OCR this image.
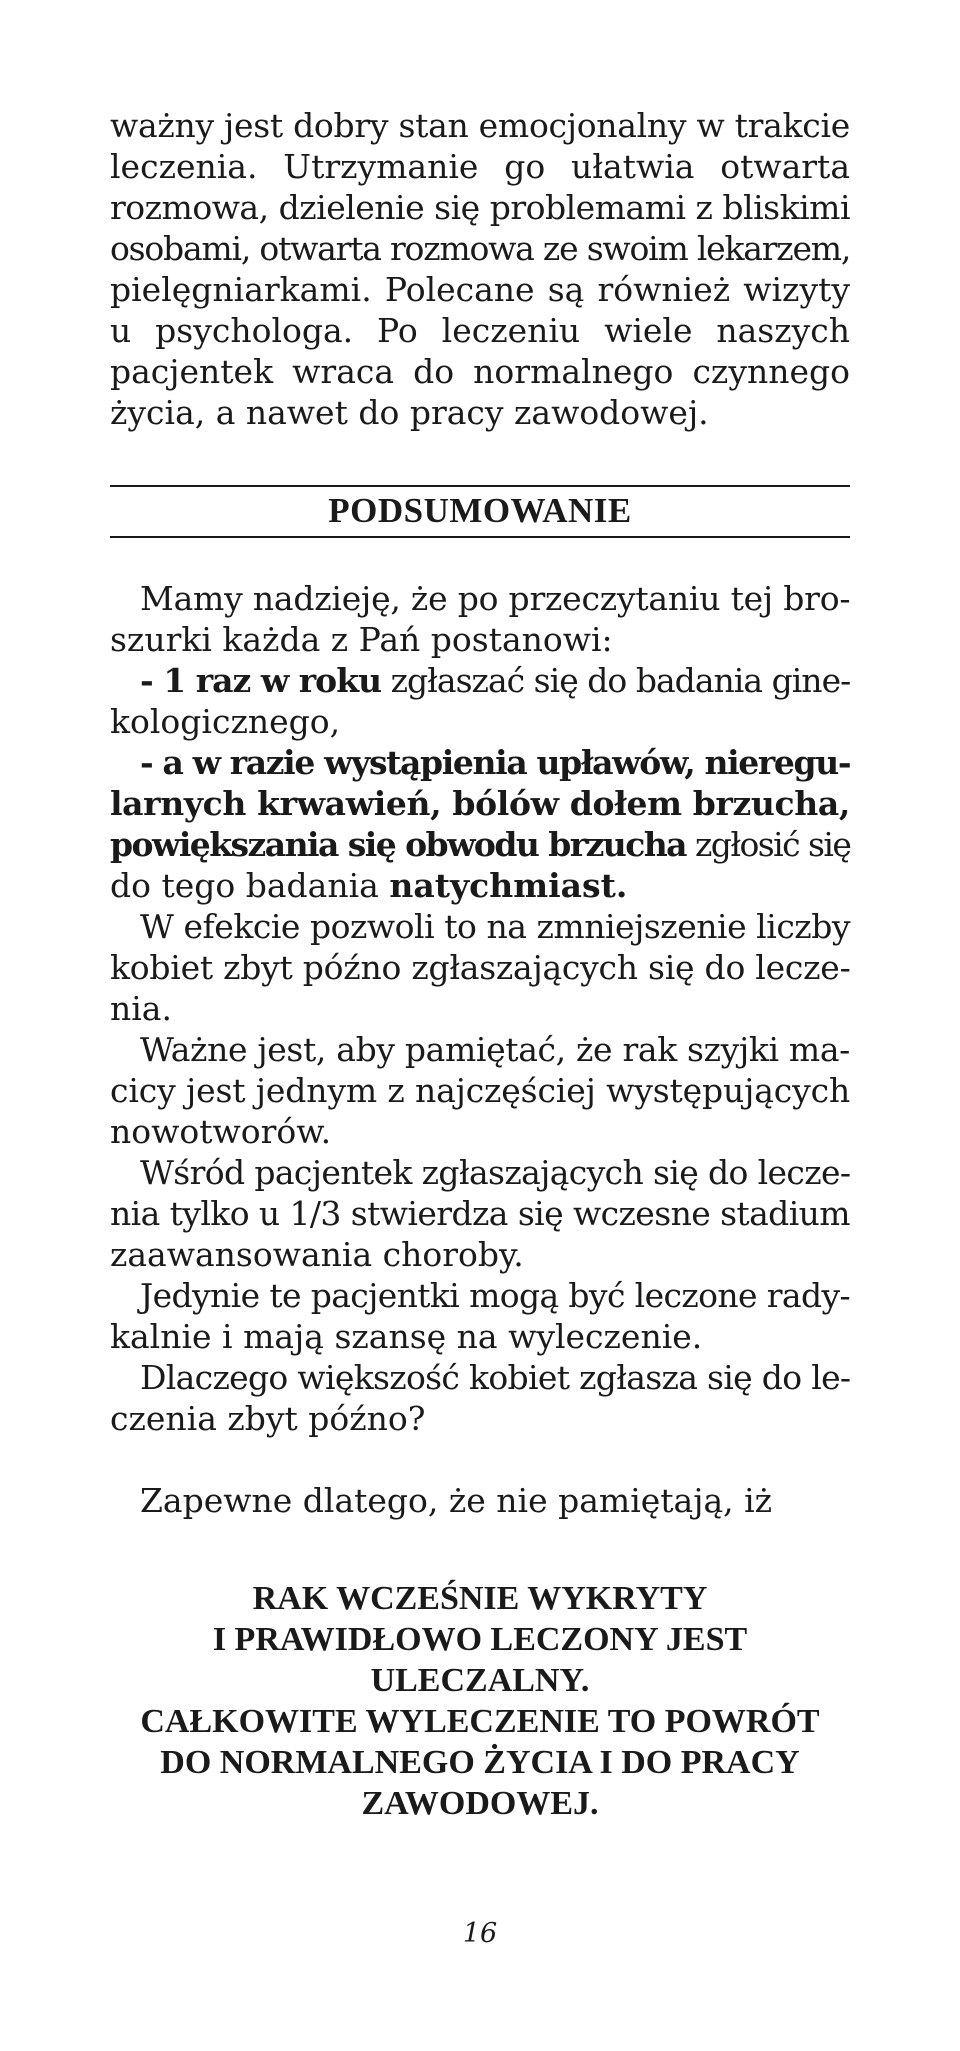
ważny jest dobry stan emocjonalny w trakcie
leczenia. Utrzymanie go ułatwia otwarta
rozmowa, dzielenie się problemami z bliskimi
osobami, otwarta rozmowa ze swoim lekarzem,
pielęgniarkami. Polecane są również wizyty
u psychologa. Po leczeniu wiele naszych
pacjentek wraca do normalnego czynnego
życia, a nawet do pracy zawodowej.
PODSUMOWANIE
Mamy nadzieję, że po przeczytaniu tej bro-
szurki każda z Pań postanowi:
- 1 raz w roku zgłaszać się do badania gine-
kologicznego,
- a w razie wystąpienia upławów, nieregu-
larnych krwawień, bólów dołem brzucha,
powiększania się obwodu brzucha zgłosić się
do tego badania natychmiast.
W efekcie pozwoli to na zmniejszenie liczby
kobiet zbyt późno zgłaszających się do lecze-
nia.
Ważne jest, aby pamiętać, że rak szyjki ma-
cicy jest jednym z najczęściej występujących
nowotworów.
Wśród pacjentek zgłaszających się do lecze-
nia tylko u 1/3 stwierdza się wczesne stadium
zaawansowania choroby.
Jedynie te pacjentki mogą być leczone rady-
kalnie i mają szansę na wyleczenie.
Dlaczego większość kobiet zgłasza się do le-
czenia zbyt późno?
Zapewne dlatego, że nie pamiętają, iż
RAK WCZEŚNIE WYKRYTY
I PRAWIDŁOWO LECZONY JEST
ULECZALNY.
CAŁKOWITE WYLECZENIE TO POWRÓT
DO NORMALNEGO ŻYCIA I DO PRACY
ZAWODOWEJ.
16
